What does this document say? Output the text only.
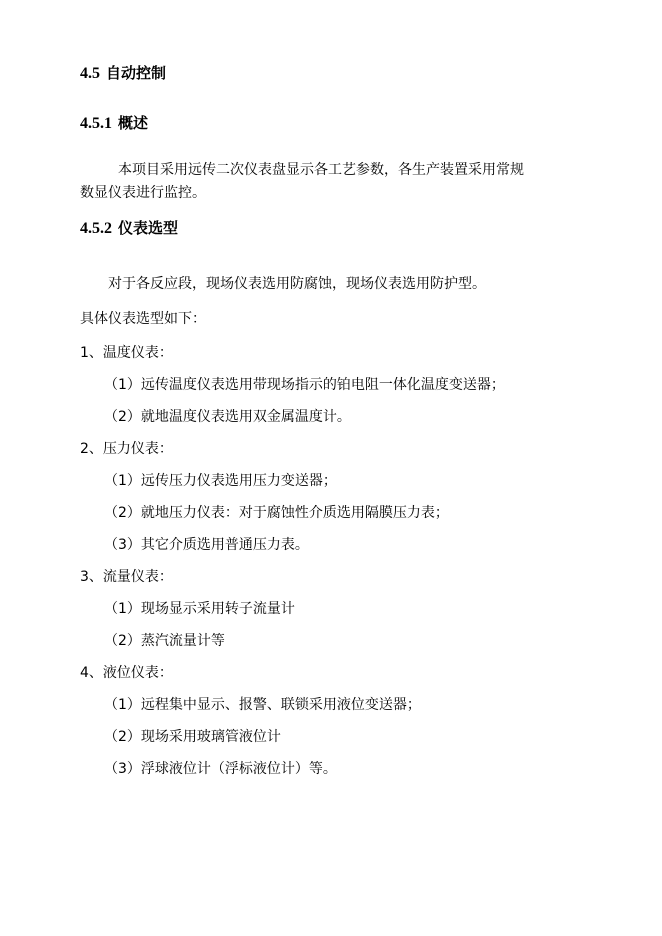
4.5 自动控制
4.5.1 概述
本项目采用远传二次仪表盘显示各工艺参数，各生产装置采用常规
数显仪表进行监控。
4.5.2 仪表选型
对于各反应段，现场仪表选用防腐蚀，现场仪表选用防护型。
具体仪表选型如下：
1、温度仪表：
（1）远传温度仪表选用带现场指示的铂电阻一体化温度变送器；
（2）就地温度仪表选用双金属温度计。
2、压力仪表：
（1）远传压力仪表选用压力变送器；
（2）就地压力仪表：对于腐蚀性介质选用隔膜压力表；
（3）其它介质选用普通压力表。
3、流量仪表：
（1）现场显示采用转子流量计
（2）蒸汽流量计等
4、液位仪表：
（1）远程集中显示、报警、联锁采用液位变送器；
（2）现场采用玻璃管液位计
（3）浮球液位计（浮标液位计）等。
